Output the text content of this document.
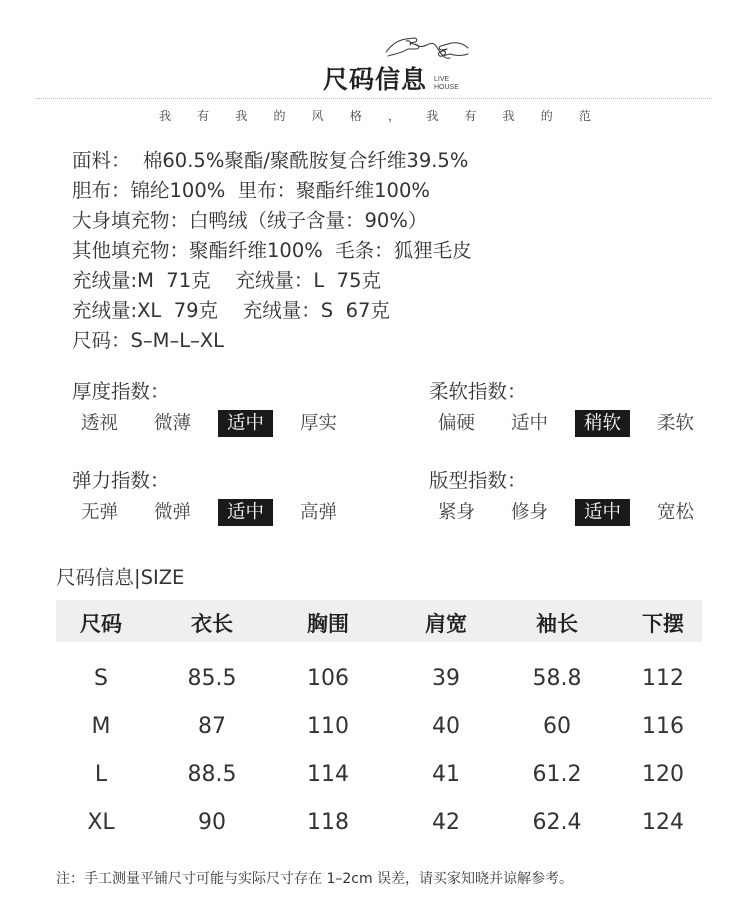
尺码信息	LIVE
HOUSE
我	有	我	的	风	格	，	我	有	我	的	范
面料：  棉60.5%聚酯/聚酰胺复合纤维39.5%
胆布：锦纶100%  里布：聚酯纤维100%
大身填充物：白鸭绒（绒子含量：90%）
其他填充物：聚酯纤维100%  毛条：狐狸毛皮
充绒量:M  71克    充绒量：L  75克
充绒量:XL  79克    充绒量：S  67克
尺码：S–M–L–XL
厚度指数：
透视	微薄	适中	厚实
柔软指数：
偏硬	适中	稍软	柔软
弹力指数：
无弹	微弹	适中	高弹
版型指数：
紧身	修身	适中	宽松
尺码信息|SIZE
尺码	衣长	胸围	肩宽	袖长	下摆
S	85.5	106	39	58.8	112
M	87	110	40	60	116
L	88.5	114	41	61.2	120
XL	90	118	42	62.4	124
注：手工测量平铺尺寸可能与实际尺寸存在 1–2cm 误差，请买家知晓并谅解参考。
